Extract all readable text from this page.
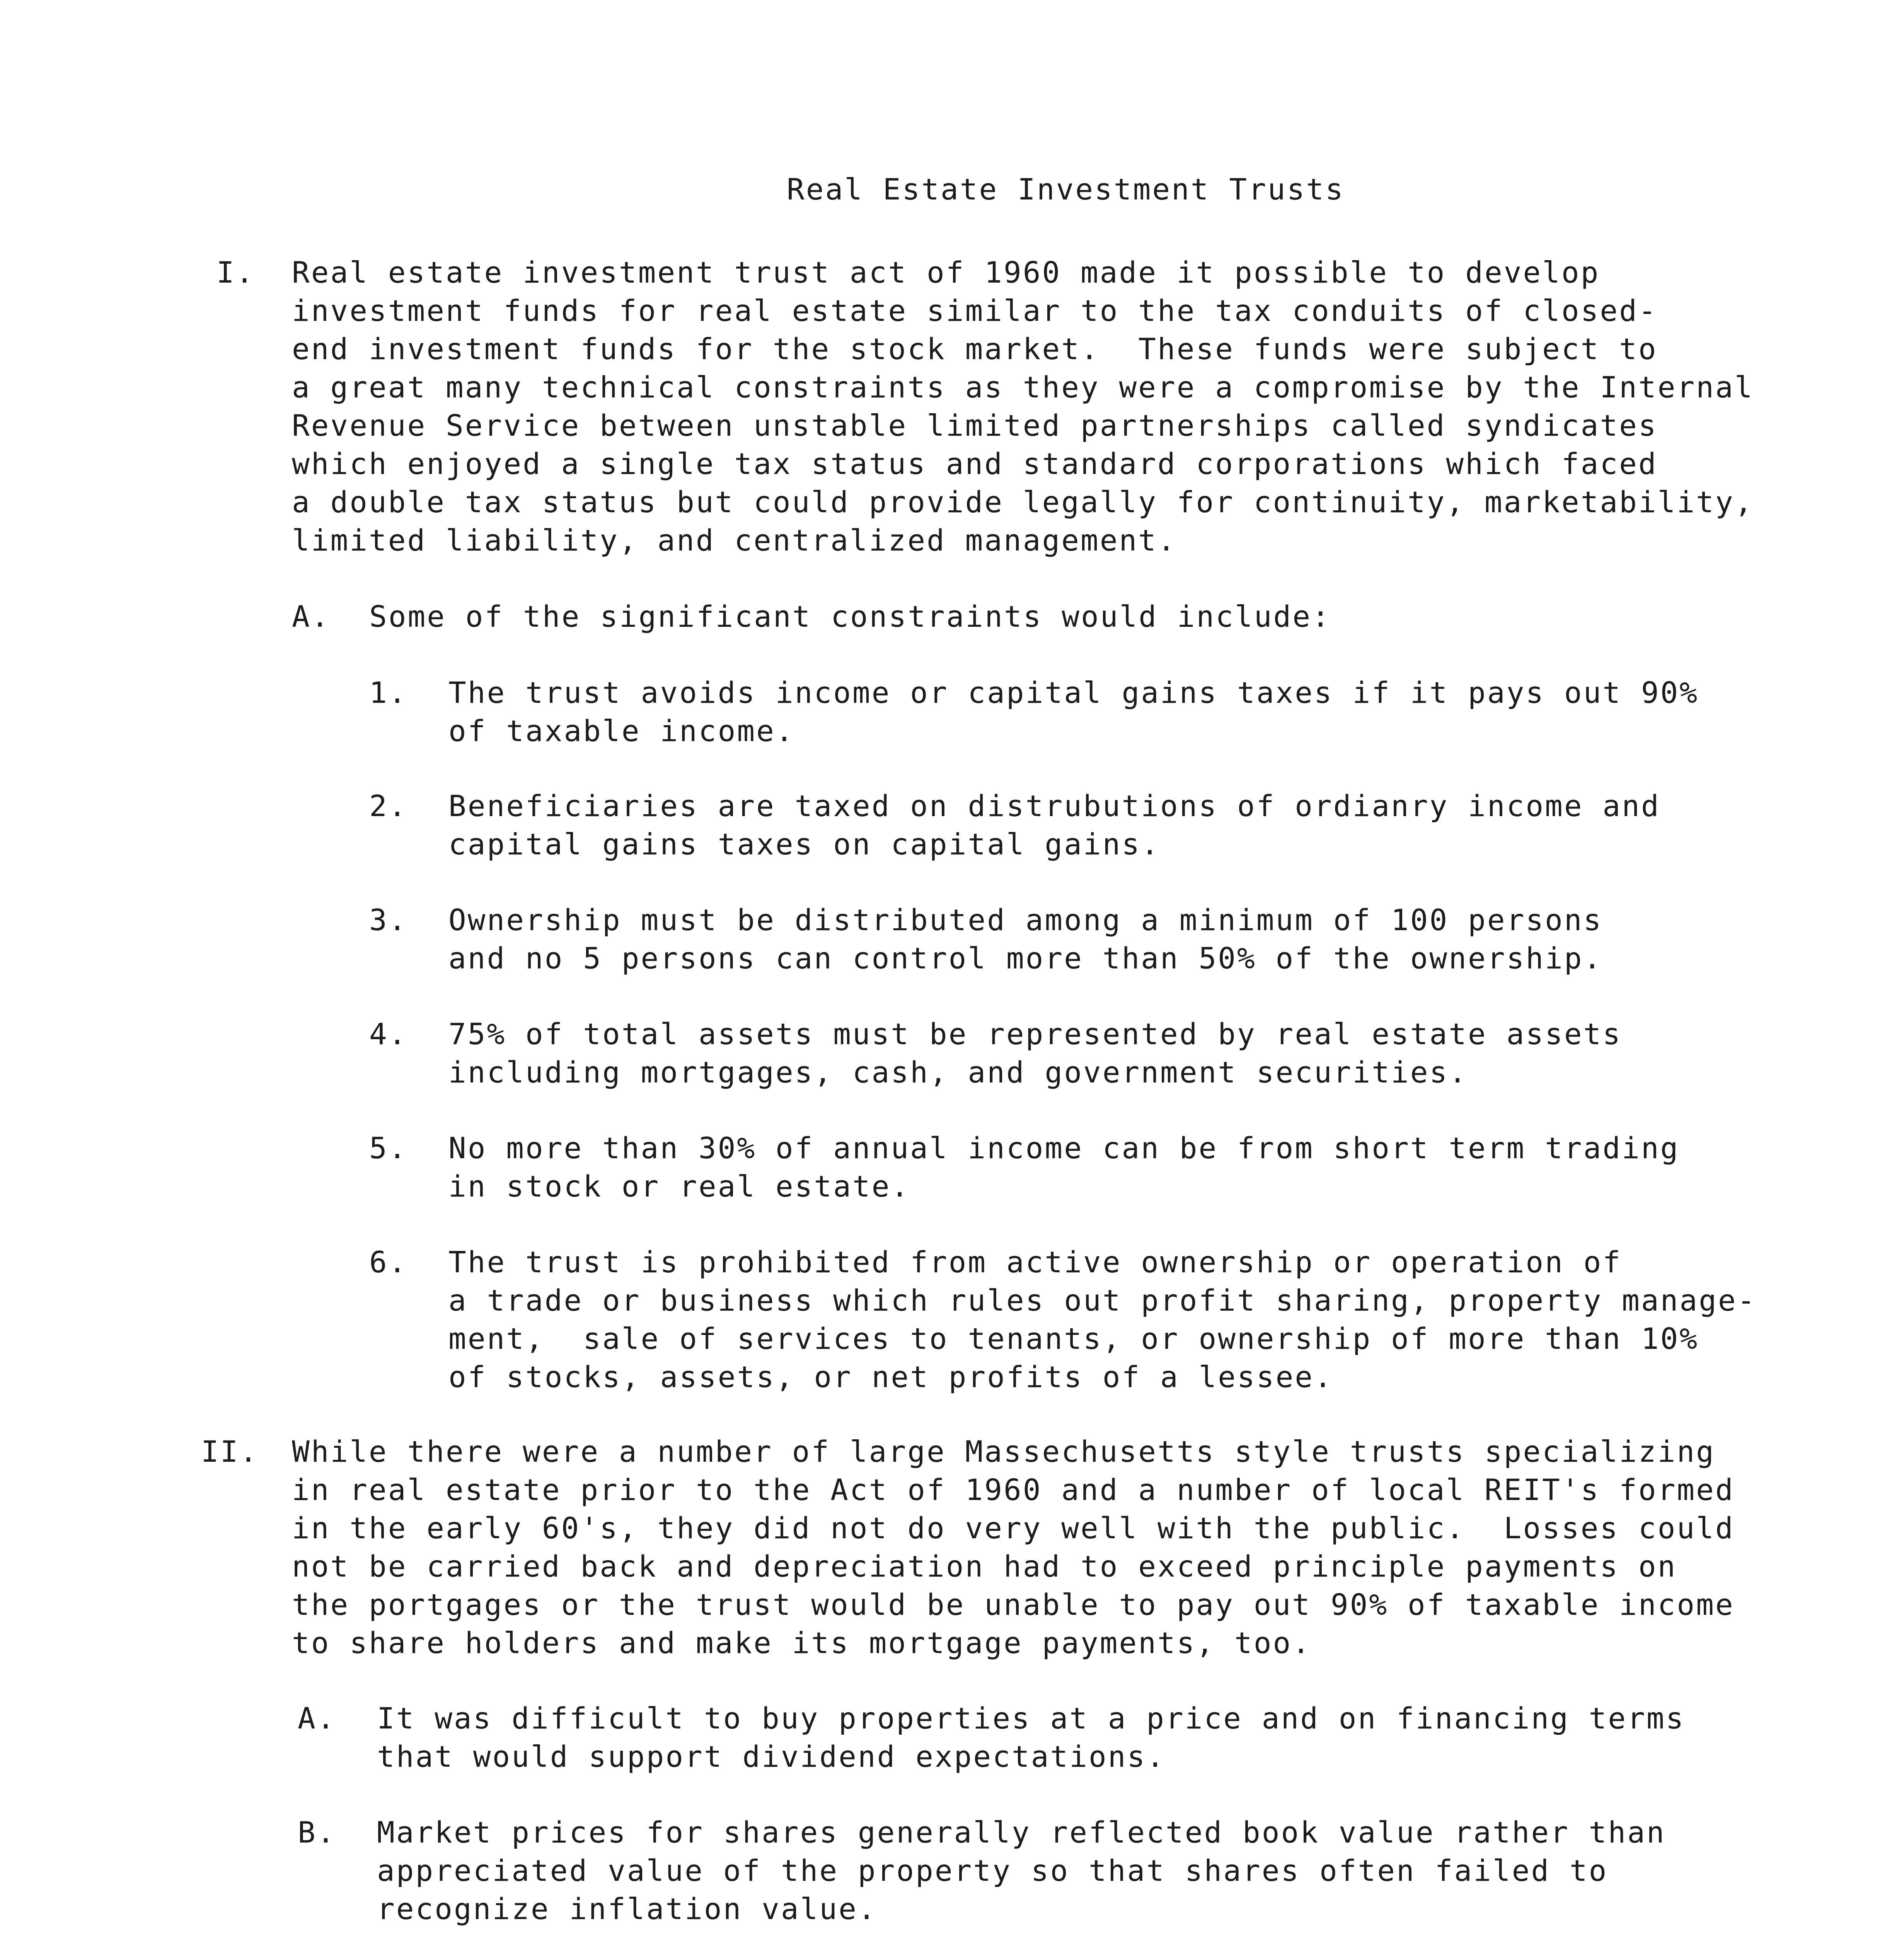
Real Estate Investment Trusts

I. Real estate investment trust act of 1960 made it possible to develop

investment funds for real estate similar to the tax conduits of closed-

end investment funds for the stock market.  These funds were subject to

a great many technical constraints as they were a compromise by the Internal

Revenue Service between unstable limited partnerships called syndicates

which enjoyed a single tax status and standard corporations which faced

a double tax status but could provide legally for continuity, marketability,

limited liability, and centralized management.

A. Some of the significant constraints would include:

1. The trust avoids income or capital gains taxes if it pays out 90%

of taxable income.

2. Beneficiaries are taxed on distrubutions of ordianry income and

capital gains taxes on capital gains.

3. Ownership must be distributed among a minimum of 100 persons

and no 5 persons can control more than 50% of the ownership.

4. 75% of total assets must be represented by real estate assets

including mortgages, cash, and government securities.

5. No more than 30% of annual income can be from short term trading

in stock or real estate.

6. The trust is prohibited from active ownership or operation of

a trade or business which rules out profit sharing, property manage-

ment,  sale of services to tenants, or ownership of more than 10%

of stocks, assets, or net profits of a lessee.

II. While there were a number of large Massechusetts style trusts specializing

in real estate prior to the Act of 1960 and a number of local REIT's formed

in the early 60's, they did not do very well with the public.  Losses could

not be carried back and depreciation had to exceed principle payments on

the portgages or the trust would be unable to pay out 90% of taxable income

to share holders and make its mortgage payments, too.

A. It was difficult to buy properties at a price and on financing terms

that would support dividend expectations.

B. Market prices for shares generally reflected book value rather than

appreciated value of the property so that shares often failed to

recognize inflation value.
